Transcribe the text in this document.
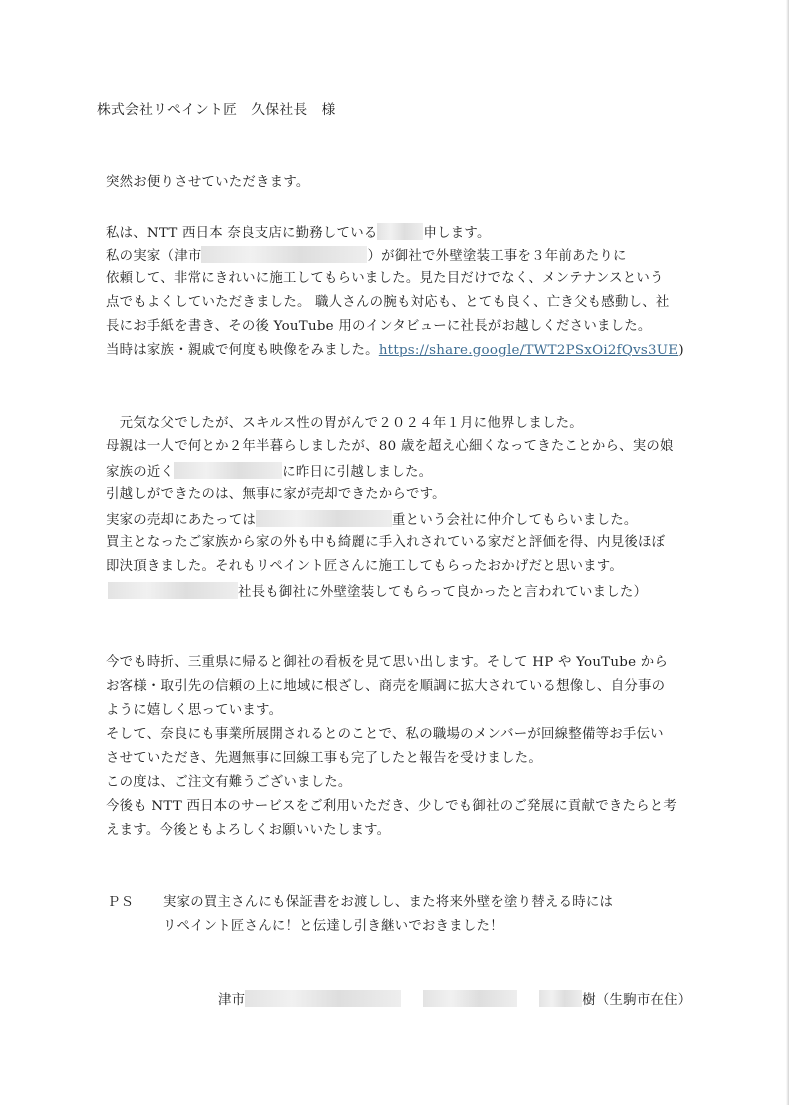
株式会社リペイント匠　久保社長　様
突然お便りさせていただきます。
私は、NTT 西日本 奈良支店に勤務している	申します。
私の実家（津市	）が御社で外壁塗装工事を３年前あたりに
依頼して、非常にきれいに施工してもらいました。見た目だけでなく、メンテナンスという
点でもよくしていただきました。 職人さんの腕も対応も、とても良く、亡き父も感動し、社
長にお手紙を書き、その後 YouTube 用のインタビューに社長がお越しくださいました。
当時は家族・親戚で何度も映像をみました。https://share.google/TWT2PSxOi2fQvs3UE)
　元気な父でしたが、スキルス性の胃がんで２０２４年１月に他界しました。
母親は一人で何とか２年半暮らしましたが、80 歳を超え心細くなってきたことから、実の娘
家族の近く	に昨日に引越しました。
引越しができたのは、無事に家が売却できたからです。
実家の売却にあたっては	重という会社に仲介してもらいました。
買主となったご家族から家の外も中も綺麗に手入れされている家だと評価を得、内見後ほぼ
即決頂きました。それもリペイント匠さんに施工してもらったおかげだと思います。
社長も御社に外壁塗装してもらって良かったと言われていました）
今でも時折、三重県に帰ると御社の看板を見て思い出します。そして HP や YouTube から
お客様・取引先の信頼の上に地域に根ざし、商売を順調に拡大されている想像し、自分事の
ように嬉しく思っています。
そして、奈良にも事業所展開されるとのことで、私の職場のメンバーが回線整備等お手伝い
させていただき、先週無事に回線工事も完了したと報告を受けました。
この度は、ご注文有難うございました。
今後も NTT 西日本のサービスをご利用いただき、少しでも御社のご発展に貢献できたらと考
えます。今後ともよろしくお願いいたします。
ＰＳ 実家の買主さんにも保証書をお渡しし、また将来外壁を塗り替える時には
リペイント匠さんに！と伝達し引き継いでおきました！
津市	樹（生駒市在住）
